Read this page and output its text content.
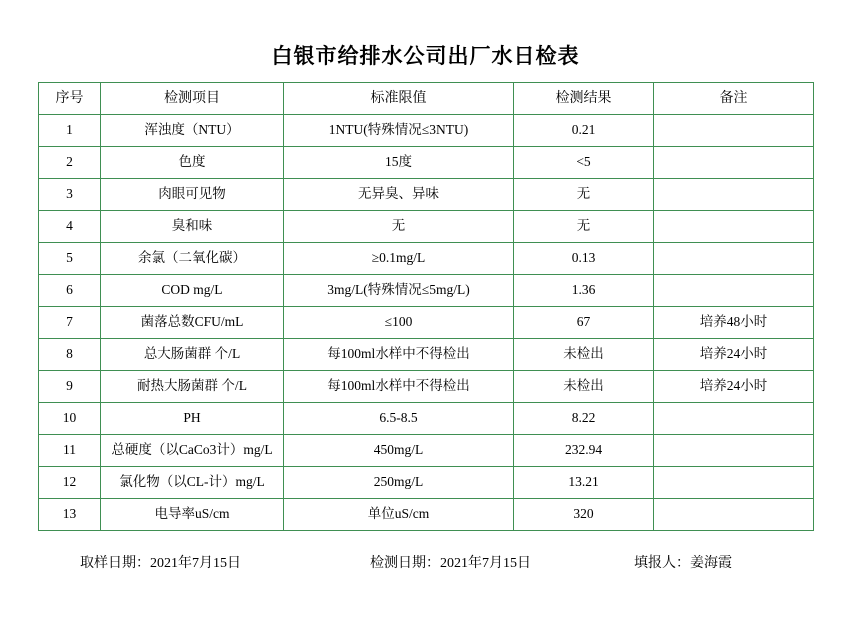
白银市给排水公司出厂水日检表
序号	检测项目	标准限值	检测结果	备注
1	浑浊度（NTU）	1NTU(特殊情况≤3NTU)	0.21	
2	色度	15度	<5	
3	肉眼可见物	无异臭、异味	无	
4	臭和味	无	无	
5	余氯（二氧化碳）	≥0.1mg/L	0.13	
6	COD mg/L	3mg/L(特殊情况≤5mg/L)	1.36	
7	菌落总数CFU/mL	≤100	67	培养48小时
8	总大肠菌群 个/L	每100ml水样中不得检出	未检出	培养24小时
9	耐热大肠菌群 个/L	每100ml水样中不得检出	未检出	培养24小时
10	PH	6.5-8.5	8.22	
11	总硬度（以CaCo3计）mg/L	450mg/L	232.94	
12	氯化物（以CL-计）mg/L	250mg/L	13.21	
13	电导率uS/cm	单位uS/cm	320	
取样日期：2021年7月15日	检测日期：2021年7月15日	填报人：姜海霞
